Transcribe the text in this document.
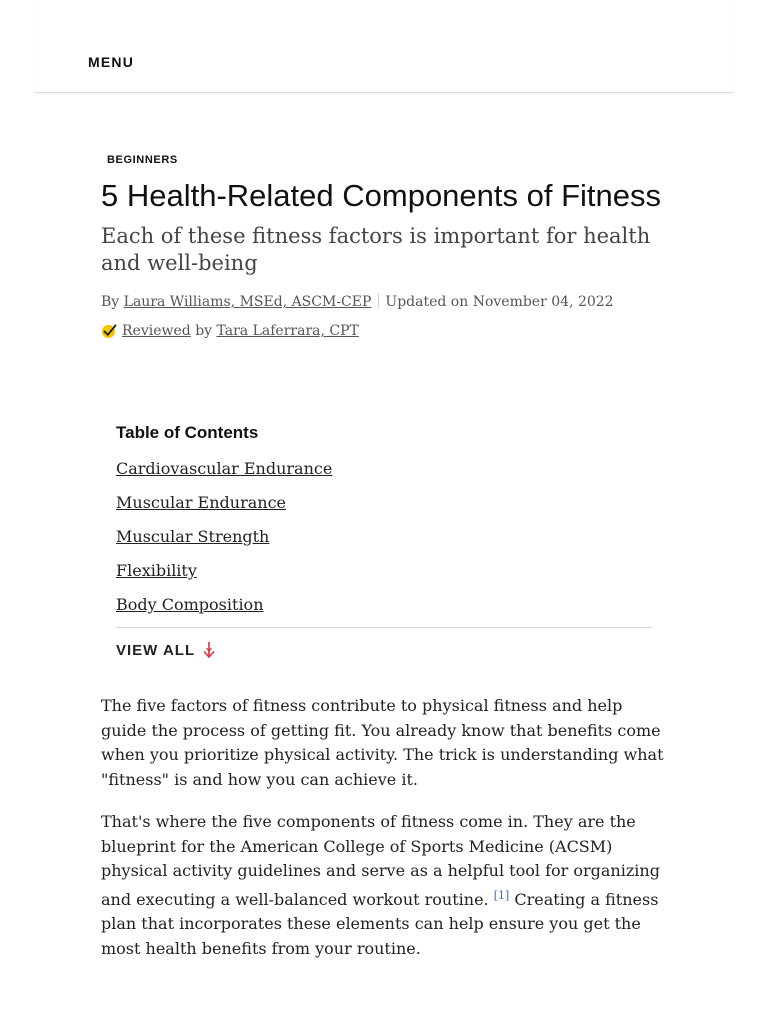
MENU
BEGINNERS
5 Health-Related Components of Fitness
Each of these fitness factors is important for health and well-being
By Laura Williams, MSEd, ASCM-CEP Updated on November 04, 2022
Reviewed
by
Tara Laferrara, CPT
Table of Contents
Cardiovascular Endurance
Muscular Endurance
Muscular Strength
Flexibility
Body Composition
VIEW ALL

The five factors of fitness contribute to physical fitness and help guide the process of getting fit. You already know that benefits come when you prioritize physical activity. The trick is understanding what "fitness" is and how you can achieve it.

That's where the five components of fitness come in. They are the blueprint for the American College of Sports Medicine (ACSM) physical activity guidelines and serve as a helpful tool for organizing and executing a well-balanced workout routine. [1] Creating a fitness plan that incorporates these elements can help ensure you get the most health benefits from your routine.
